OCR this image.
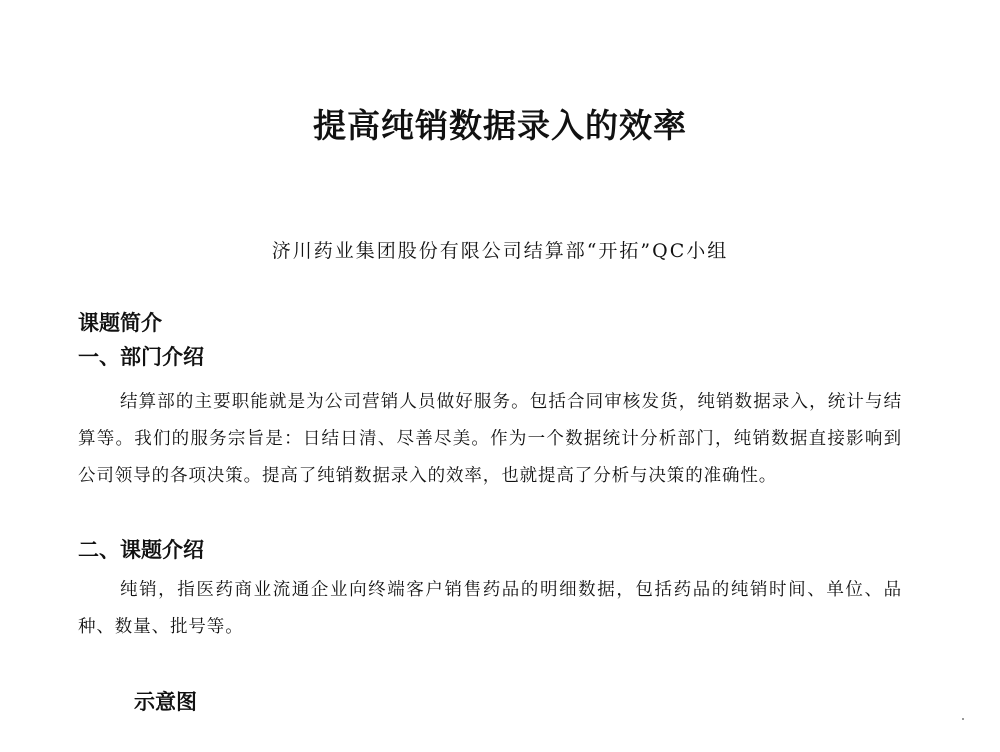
提高纯销数据录入的效率

济川药业集团股份有限公司结算部“开拓”QC小组

课题简介
一、部门介绍

结算部的主要职能就是为公司营销人员做好服务。包括合同审核发货，纯销数据录入，统计与结算等。我们的服务宗旨是：日结日清、尽善尽美。作为一个数据统计分析部门，纯销数据直接影响到公司领导的各项决策。提高了纯销数据录入的效率，也就提高了分析与决策的准确性。

二、课题介绍

纯销，指医药商业流通企业向终端客户销售药品的明细数据，包括药品的纯销时间、单位、品种、数量、批号等。

示意图
